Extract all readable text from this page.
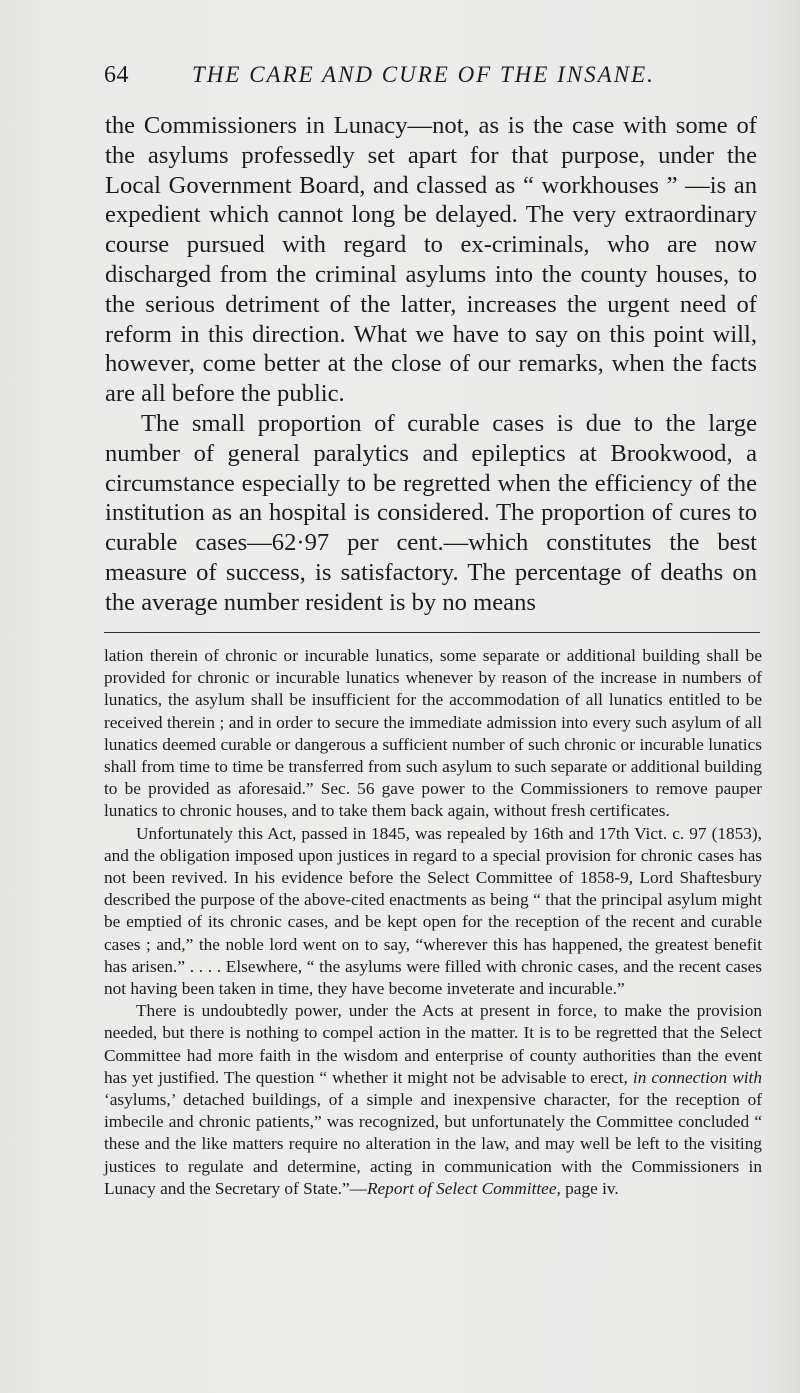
64	THE CARE AND CURE OF THE INSANE.

the Commissioners in Lunacy—not, as is the case with some of the asylums professedly set apart for that purpose, under the Local Government Board, and classed as “ workhouses ” —is an expedient which cannot long be delayed. The very extraordinary course pursued with regard to ex-criminals, who are now discharged from the criminal asylums into the county houses, to the serious detriment of the latter, increases the urgent need of reform in this direction. What we have to say on this point will, however, come better at the close of our remarks, when the facts are all before the public.

The small proportion of curable cases is due to the large number of general paralytics and epileptics at Brookwood, a circumstance especially to be regretted when the efficiency of the institution as an hospital is considered. The proportion of cures to curable cases—62·97 per cent.—which constitutes the best measure of success, is satisfactory. The percentage of deaths on the average number resident is by no means

lation therein of chronic or incurable lunatics, some separate or additional building shall be provided for chronic or incurable lunatics whenever by reason of the increase in numbers of lunatics, the asylum shall be insufficient for the accommodation of all lunatics entitled to be received therein ; and in order to secure the immediate admission into every such asylum of all lunatics deemed curable or dangerous a sufficient number of such chronic or incurable lunatics shall from time to time be transferred from such asylum to such separate or additional building to be provided as aforesaid.” Sec. 56 gave power to the Commissioners to remove pauper lunatics to chronic houses, and to take them back again, without fresh certificates.

Unfortunately this Act, passed in 1845, was repealed by 16th and 17th Vict. c. 97 (1853), and the obligation imposed upon justices in regard to a special provision for chronic cases has not been revived. In his evidence before the Select Committee of 1858-9, Lord Shaftesbury described the purpose of the above-cited enactments as being “ that the principal asylum might be emptied of its chronic cases, and be kept open for the reception of the recent and curable cases ; and,” the noble lord went on to say, “wherever this has happened, the greatest benefit has arisen.” . . . . Elsewhere, “ the asylums were filled with chronic cases, and the recent cases not having been taken in time, they have become inveterate and incurable.”

There is undoubtedly power, under the Acts at present in force, to make the provision needed, but there is nothing to compel action in the matter. It is to be regretted that the Select Committee had more faith in the wisdom and enterprise of county authorities than the event has yet justified. The question “ whether it might not be advisable to erect, in connection with ‘asylums,’ detached buildings, of a simple and inexpensive character, for the reception of imbecile and chronic patients,” was recognized, but unfortunately the Committee concluded “ these and the like matters require no alteration in the law, and may well be left to the visiting justices to regulate and determine, acting in communication with the Commissioners in Lunacy and the Secretary of State.”—Report of Select Committee, page iv.
